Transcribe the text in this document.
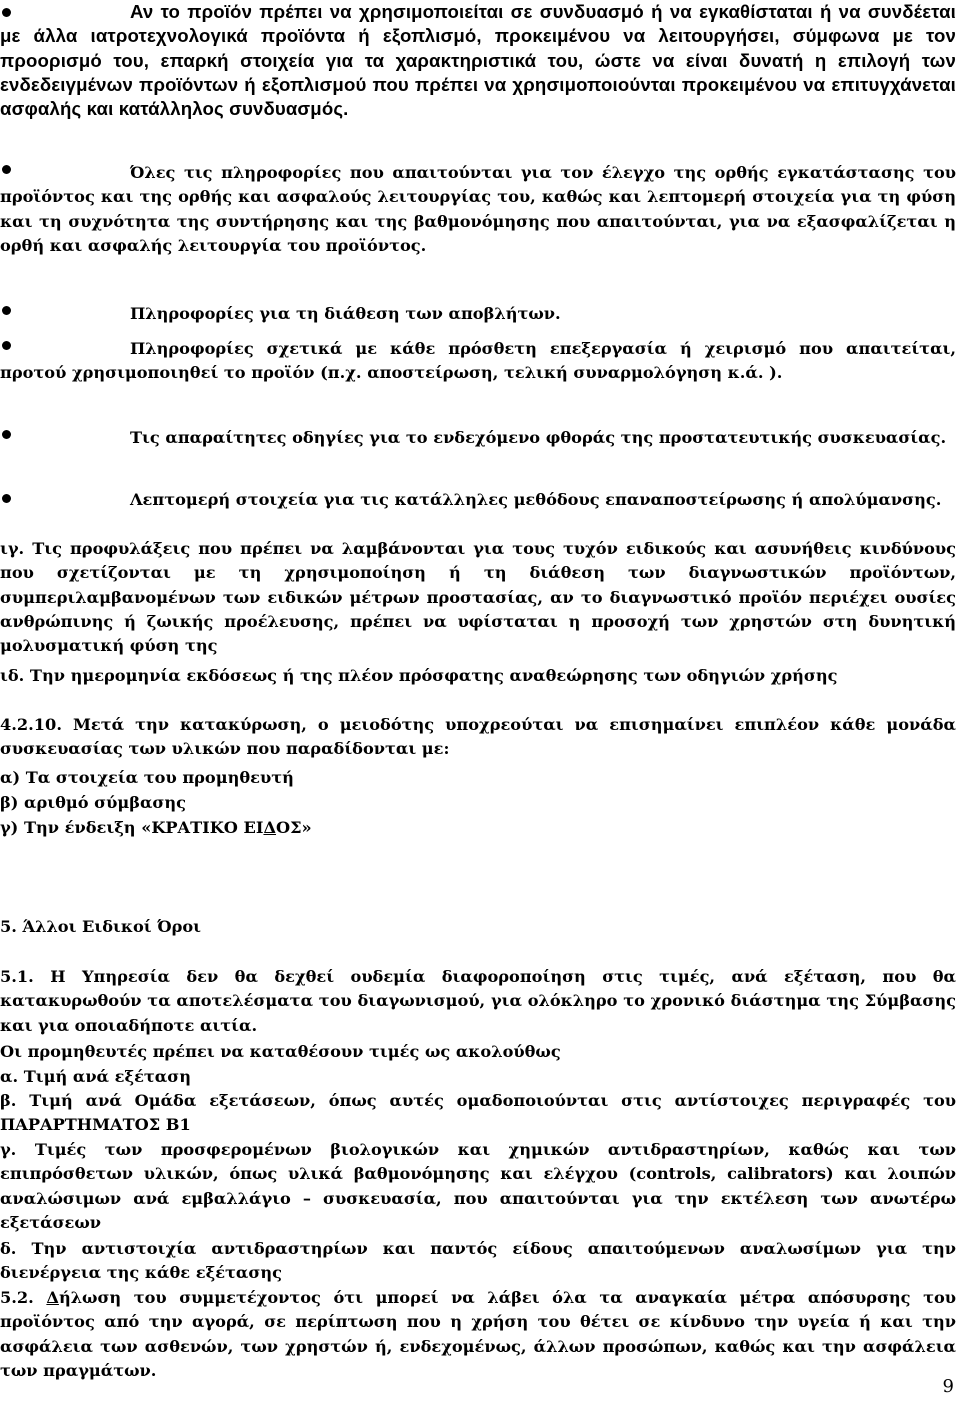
Αν το προϊόν πρέπει να χρησιμοποιείται σε συνδυασμό ή να εγκαθίσταται ή να συνδέεται με άλλα ιατροτεχνολογικά προϊόντα ή εξοπλισμό, προκειμένου να λειτουργήσει, σύμφωνα με τον προορισμό του, επαρκή στοιχεία για τα χαρακτηριστικά του, ώστε να είναι δυνατή η επιλογή των ενδεδειγμένων προϊόντων ή εξοπλισμού που πρέπει να χρησιμοποιούνται προκειμένου να επιτυγχάνεται ασφαλής και κατάλληλος συνδυασμός.
Όλες τις πληροφορίες που απαιτούνται για τον έλεγχο της ορθής εγκατάστασης του προϊόντος και της ορθής και ασφαλούς λειτουργίας του, καθώς και λεπτομερή στοιχεία για τη φύση και τη συχνότητα της συντήρησης και της βαθμονόμησης που απαιτούνται, για να εξασφαλίζεται η ορθή και ασφαλής λειτουργία του προϊόντος.
Πληροφορίες για τη διάθεση των αποβλήτων.
Πληροφορίες σχετικά με κάθε πρόσθετη επεξεργασία ή χειρισμό που απαιτείται, προτού χρησιμοποιηθεί το προϊόν (π.χ. αποστείρωση, τελική συναρμολόγηση κ.ά. ).
Τις απαραίτητες οδηγίες για το ενδεχόμενο φθοράς της προστατευτικής συσκευασίας.
Λεπτομερή στοιχεία για τις κατάλληλες μεθόδους επαναποστείρωσης ή απολύμανσης.
ιγ. Τις προφυλάξεις που πρέπει να λαμβάνονται για τους τυχόν ειδικούς και ασυνήθεις κινδύνους που σχετίζονται με τη χρησιμοποίηση ή τη διάθεση των διαγνωστικών προϊόντων, συμπεριλαμβανομένων των ειδικών μέτρων προστασίας, αν το διαγνωστικό προϊόν περιέχει ουσίες ανθρώπινης ή ζωικής προέλευσης, πρέπει να υφίσταται η προσοχή των χρηστών στη δυνητική μολυσματική φύση της
ιδ. Την ημερομηνία εκδόσεως ή της πλέον πρόσφατης αναθεώρησης των οδηγιών χρήσης
4.2.10. Μετά την κατακύρωση, ο μειοδότης υποχρεούται να επισημαίνει επιπλέον κάθε μονάδα συσκευασίας των υλικών που παραδίδονται με:
α) Τα στοιχεία του προμηθευτή
β) αριθμό σύμβασης
γ) Την ένδειξη «ΚΡΑΤΙΚΟ ΕΙΔΟΣ»
5. Άλλοι Ειδικοί Όροι
5.1. Η Υπηρεσία δεν θα δεχθεί ουδεμία διαφοροποίηση στις τιμές, ανά εξέταση, που θα κατακυρωθούν τα αποτελέσματα του διαγωνισμού, για ολόκληρο το χρονικό διάστημα της Σύμβασης και για οποιαδήποτε αιτία.
Οι προμηθευτές πρέπει να καταθέσουν τιμές ως ακολούθως
α. Τιμή ανά εξέταση
β. Τιμή ανά Ομάδα εξετάσεων, όπως αυτές ομαδοποιούνται στις αντίστοιχες περιγραφές του ΠΑΡΑΡΤΗΜΑΤΟΣ Β1
γ. Τιμές των προσφερομένων βιολογικών και χημικών αντιδραστηρίων, καθώς και των επιπρόσθετων υλικών, όπως υλικά βαθμονόμησης και ελέγχου (controls, calibrators) και λοιπών αναλώσιμων ανά εμβαλλάγιο – συσκευασία, που απαιτούνται για την εκτέλεση των ανωτέρω εξετάσεων
δ. Την αντιστοιχία αντιδραστηρίων και παντός είδους απαιτούμενων αναλωσίμων για την διενέργεια της κάθε εξέτασης
5.2. Δήλωση του συμμετέχοντος ότι μπορεί να λάβει όλα τα αναγκαία μέτρα απόσυρσης του προϊόντος από την αγορά, σε περίπτωση που η χρήση του θέτει σε κίνδυνο την υγεία ή και την ασφάλεια των ασθενών, των χρηστών ή, ενδεχομένως, άλλων προσώπων, καθώς και την ασφάλεια των πραγμάτων.
9
